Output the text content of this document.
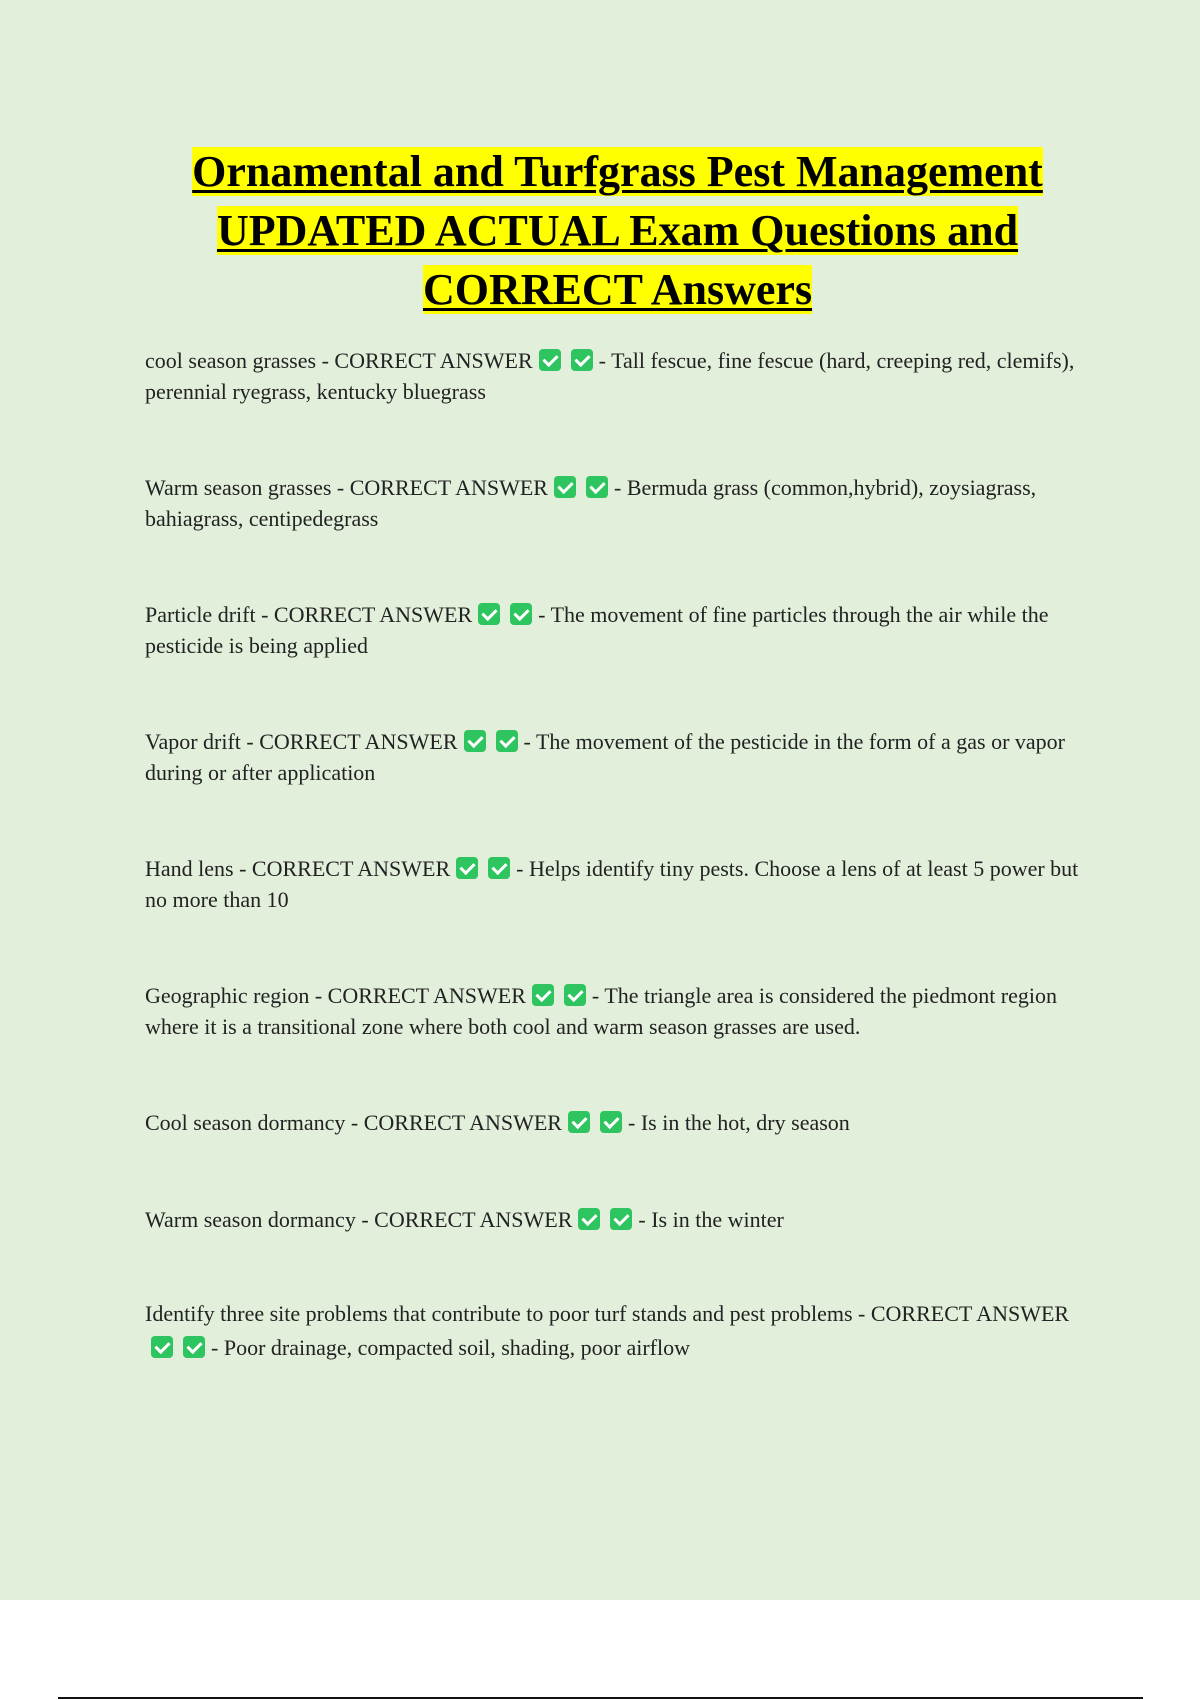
Ornamental and Turfgrass Pest Management
UPDATED ACTUAL Exam Questions and
CORRECT Answers

cool season grasses - CORRECT ANSWER	- Tall fescue, fine fescue (hard, creeping red, clemifs), perennial ryegrass, kentucky bluegrass

Warm season grasses - CORRECT ANSWER	- Bermuda grass (common,hybrid), zoysiagrass, bahiagrass, centipedegrass

Particle drift - CORRECT ANSWER	- The movement of fine particles through the air while the pesticide is being applied

Vapor drift - CORRECT ANSWER	- The movement of the pesticide in the form of a gas or vapor during or after application

Hand lens - CORRECT ANSWER	- Helps identify tiny pests. Choose a lens of at least 5 power but no more than 10

Geographic region - CORRECT ANSWER	- The triangle area is considered the piedmont region where it is a transitional zone where both cool and warm season grasses are used.

Cool season dormancy - CORRECT ANSWER	- Is in the hot, dry season

Warm season dormancy - CORRECT ANSWER	- Is in the winter

Identify three site problems that contribute to poor turf stands and pest problems - CORRECT ANSWER- Poor drainage, compacted soil, shading, poor airflow
